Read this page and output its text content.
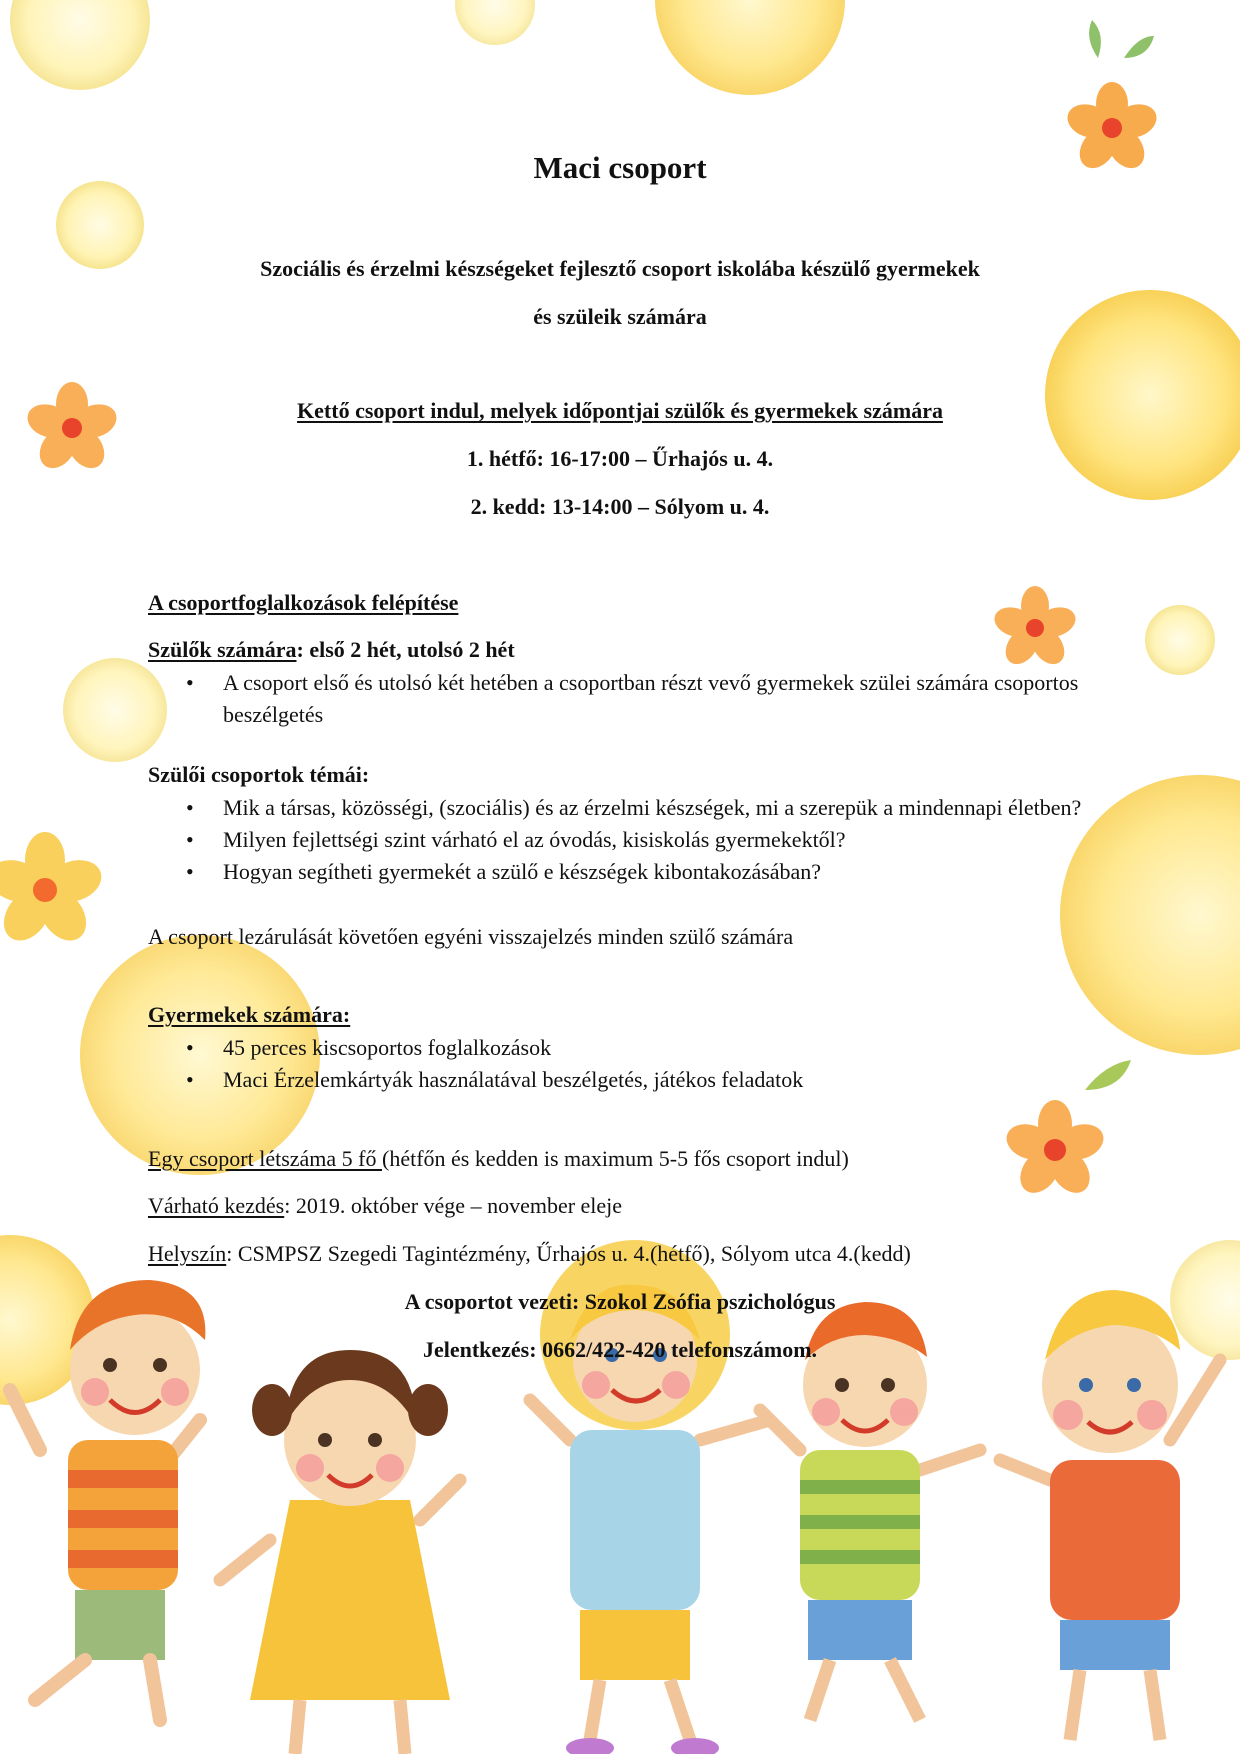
Maci csoport

Szociális és érzelmi készségeket fejlesztő csoport iskolába készülő gyermekek

és szüleik számára

Kettő csoport indul, melyek időpontjai szülők és gyermekek számára

1. hétfő: 16-17:00 – Űrhajós u. 4.

2. kedd: 13-14:00 – Sólyom u. 4.

A csoportfoglalkozások felépítése

Szülők számára: első 2 hét, utolsó 2 hét

• A csoport első és utolsó két hetében a csoportban részt vevő gyermekek szülei számára csoportos beszélgetés

Szülői csoportok témái:

• Mik a társas, közösségi, (szociális) és az érzelmi készségek, mi a szerepük a mindennapi életben?
• Milyen fejlettségi szint várható el az óvodás, kisiskolás gyermekektől?
• Hogyan segítheti gyermekét a szülő e készségek kibontakozásában?

A csoport lezárulását követően egyéni visszajelzés minden szülő számára

Gyermekek számára:

• 45 perces kiscsoportos foglalkozások
• Maci Érzelemkártyák használatával beszélgetés, játékos feladatok

Egy csoport létszáma 5 fő (hétfőn és kedden is maximum 5-5 fős csoport indul)

Várható kezdés: 2019. október vége – november eleje

Helyszín: CSMPSZ Szegedi Tagintézmény, Űrhajós u. 4.(hétfő), Sólyom utca 4.(kedd)

A csoportot vezeti: Szokol Zsófia pszichológus

Jelentkezés: 0662/422-420 telefonszámom.
